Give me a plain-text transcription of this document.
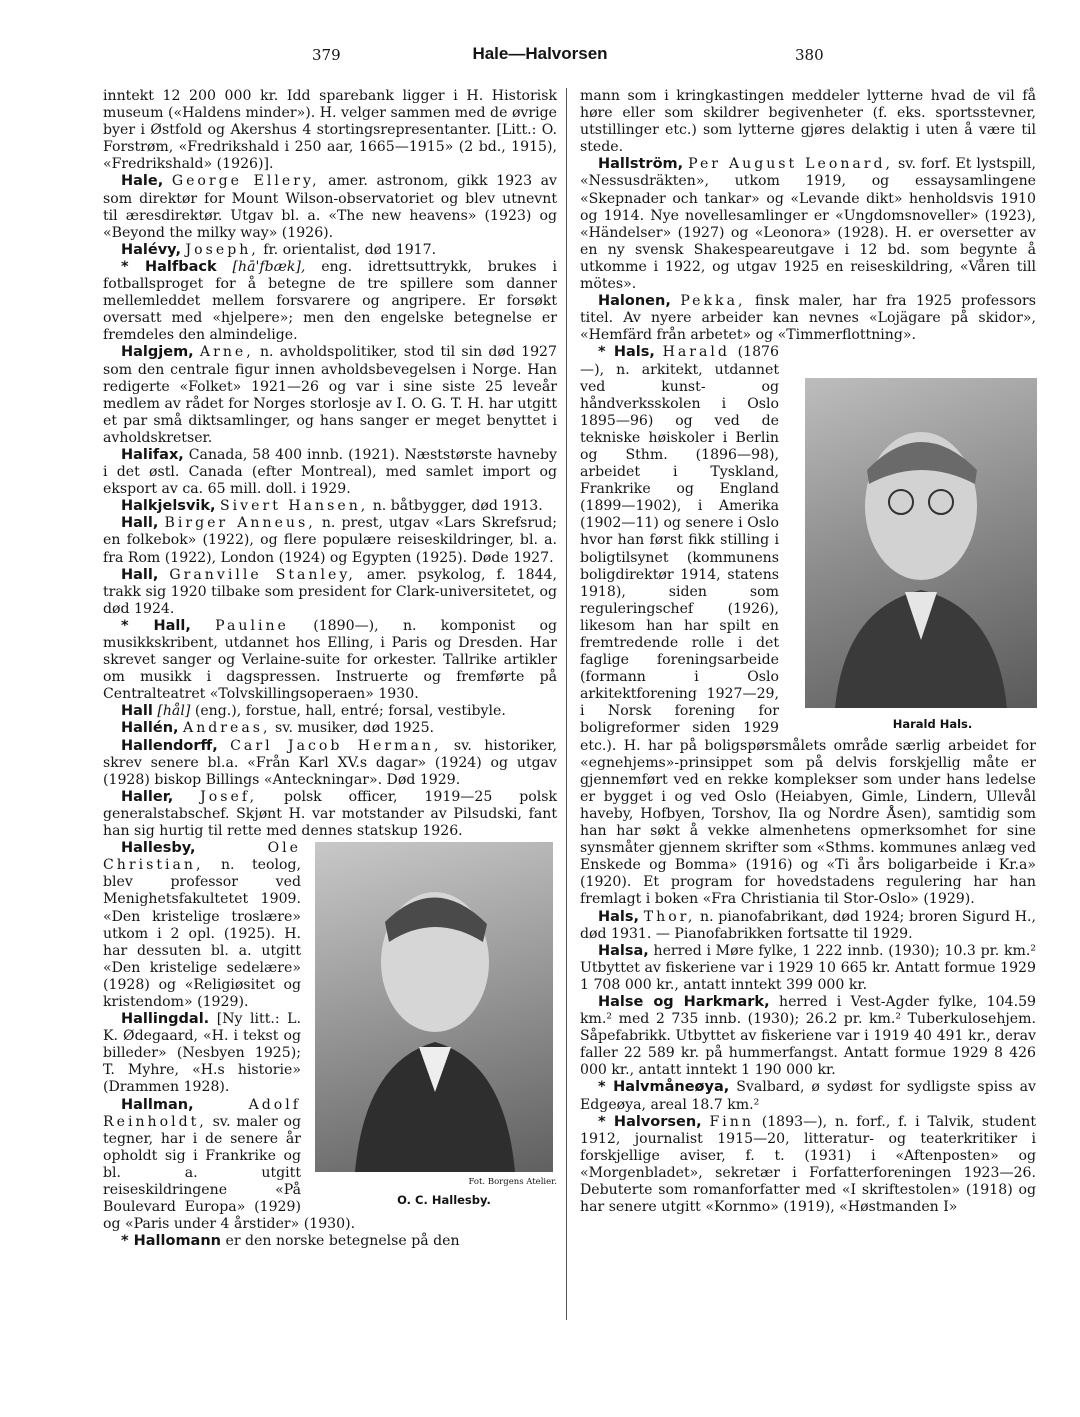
379	Hale—Halvorsen	380

inntekt 12 200 000 kr. Idd sparebank ligger i H. Historisk museum («Haldens minder»). H. velger sammen med de øvrige byer i Østfold og Akershus 4 stortingsrepresentanter. [Litt.: O. Forstrøm, «Fredrikshald i 250 aar, 1665—1915» (2 bd., 1915), «Fredrikshald» (1926)].

Hale, George Ellery, amer. astronom, gikk 1923 av som direktør for Mount Wilson-observatoriet og blev utnevnt til æresdirektør. Utgav bl. a. «The new heavens» (1923) og «Beyond the milky way» (1926).

Halévy, Joseph, fr. orientalist, død 1917.

* Halfback [hā'fbæk], eng. idrettsuttrykk, brukes i fotballsproget for å betegne de tre spillere som danner mellemleddet mellem forsvarere og angripere. Er forsøkt oversatt med «hjelpere»; men den engelske betegnelse er fremdeles den almindelige.

Halgjem, Arne, n. avholdspolitiker, stod til sin død 1927 som den centrale figur innen avholdsbevegelsen i Norge. Han redigerte «Folket» 1921—26 og var i sine siste 25 leveår medlem av rådet for Norges storlosje av I. O. G. T. H. har utgitt et par små diktsamlinger, og hans sanger er meget benyttet i avholdskretser.

Halifax, Canada, 58 400 innb. (1921). Næststørste havneby i det østl. Canada (efter Montreal), med samlet import og eksport av ca. 65 mill. doll. i 1929.

Halkjelsvik, Sivert Hansen, n. båtbygger, død 1913.

Hall, Birger Anneus, n. prest, utgav «Lars Skrefsrud; en folkebok» (1922), og flere populære reiseskildringer, bl. a. fra Rom (1922), London (1924) og Egypten (1925). Døde 1927.

Hall, Granville Stanley, amer. psykolog, f. 1844, trakk sig 1920 tilbake som president for Clark-universitetet, og død 1924.

* Hall, Pauline (1890—), n. komponist og musikkskribent, utdannet hos Elling, i Paris og Dresden. Har skrevet sanger og Verlaine-suite for orkester. Tallrike artikler om musikk i dagspressen. Instruerte og fremførte på Centralteatret «Tolvskillingsoperaen» 1930.

Hall [hål] (eng.), forstue, hall, entré; forsal, vestibyle.

Hallén, Andreas, sv. musiker, død 1925.

Hallendorff, Carl Jacob Herman, sv. historiker, skrev senere bl.a. «Från Karl XV.s dagar» (1924) og utgav (1928) biskop Billings «Anteckningar». Død 1929.

Haller, Josef, polsk officer, 1919—25 polsk generalstabschef. Skjønt H. var motstander av Pilsudski, fant han sig hurtig til rette med dennes statskup 1926.

Fot. Borgens Atelier.
O. C. Hallesby.
Hallesby,	Ole Christian, n. teolog, blev professor ved Menighetsfakultetet 1909. «Den kristelige troslære» utkom i 2 opl. (1925). H. har dessuten bl. a. utgitt «Den kristelige sedelære» (1928) og «Religiøsitet og kristendom» (1929).

Hallingdal. [Ny litt.: L. K. Ødegaard, «H. i tekst og billeder» (Nesbyen 1925); T. Myhre, «H.s historie» (Drammen 1928).

Hallman,	Adolf Reinholdt, sv. maler og tegner, har i de senere år opholdt sig i Frankrike og bl. a. utgitt reiseskildringene «På Boulevard Europa» (1929) og «Paris under 4 årstider» (1930).

* Hallomann er den norske betegnelse på den

mann som i kringkastingen meddeler lytterne hvad de vil få høre eller som skildrer begivenheter (f. eks. sportsstevner, utstillinger etc.) som lytterne gjøres delaktig i uten å være til stede.

Hallström, Per August Leonard, sv. forf. Et lystspill, «Nessusdräkten», utkom 1919, og essaysamlingene «Skepnader och tankar» og «Levande dikt» henholdsvis 1910 og 1914. Nye novellesamlinger er «Ungdomsnoveller» (1923), «Händelser» (1927) og «Leonora» (1928). H. er oversetter av en ny svensk Shakespeareutgave i 12 bd. som begynte å utkomme i 1922, og utgav 1925 en reiseskildring, «Våren till mötes».

Halonen, Pekka, finsk maler, har fra 1925 professors titel. Av nyere arbeider kan nevnes «Lojägare på skidor», «Hemfärd från arbetet» og «Timmerflottning».

Harald Hals.
* Hals, Harald (1876—), n. arkitekt, utdannet ved kunst- og håndverksskolen i Oslo 1895—96) og ved de tekniske høiskoler i Berlin og Sthm. (1896—98), arbeidet i Tyskland, Frankrike og England (1899—1902), i Amerika (1902—11) og senere i Oslo hvor han først fikk stilling i boligtilsynet (kommunens boligdirektør 1914, statens 1918), siden som reguleringschef (1926), likesom han har spilt en fremtredende rolle i det faglige foreningsarbeide (formann i Oslo arkitektforening 1927—29, i Norsk forening for boligreformer siden 1929 etc.). H. har på boligspørsmålets område særlig arbeidet for «egnehjems»-prinsippet som på delvis forskjellig måte er gjennemført ved en rekke komplekser som under hans ledelse er bygget i og ved Oslo (Heiabyen, Gimle, Lindern, Ullevål haveby, Hofbyen, Torshov, Ila og Nordre Åsen), samtidig som han har søkt å vekke almenhetens opmerksomhet for sine synsmåter gjennem skrifter som «Sthms. kommunes anlæg ved Enskede og Bomma» (1916) og «Ti års boligarbeide i Kr.a» (1920). Et program for hovedstadens regulering har han fremlagt i boken «Fra Christiania til Stor-Oslo» (1929).

Hals, Thor, n. pianofabrikant, død 1924; broren Sigurd H., død 1931. — Pianofabrikken fortsatte til 1929.

Halsa, herred i Møre fylke, 1 222 innb. (1930); 10.3 pr. km.² Utbyttet av fiskeriene var i 1929 10 665 kr. Antatt formue 1929 1 708 000 kr., antatt inntekt 399 000 kr.

Halse og Harkmark, herred i Vest-Agder fylke, 104.59 km.² med 2 735 innb. (1930); 26.2 pr. km.² Tuberkulosehjem. Såpefabrikk. Utbyttet av fiskeriene var i 1919 40 491 kr., derav faller 22 589 kr. på hummerfangst. Antatt formue 1929 8 426 000 kr., antatt inntekt 1 190 000 kr.

* Halvmåneøya, Svalbard, ø sydøst for sydligste spiss av Edgeøya, areal 18.7 km.²

* Halvorsen, Finn (1893—), n. forf., f. i Talvik, student 1912, journalist 1915—20, litteratur- og teaterkritiker i forskjellige aviser, f. t. (1931) i «Aftenposten» og «Morgenbladet», sekretær i Forfatterforeningen 1923—26. Debuterte som romanforfatter med «I skriftestolen» (1918) og har senere utgitt «Kornmo» (1919), «Høstmanden I»
